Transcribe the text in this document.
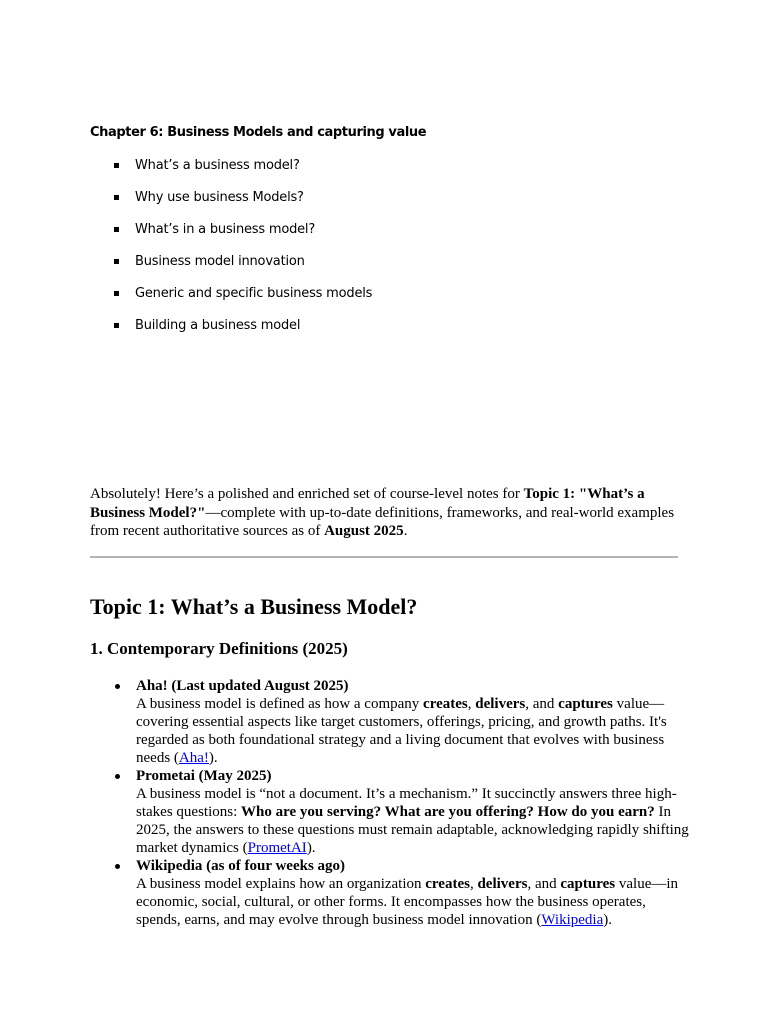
Chapter 6: Business Models and capturing value
What’s a business model?
Why use business Models?
What’s in a business model?
Business model innovation
Generic and specific business models
Building a business model

Absolutely! Here’s a polished and enriched set of course-level notes for Topic 1: "What’s a Business Model?"—complete with up-to-date definitions, frameworks, and real-world examples from recent authoritative sources as of August 2025.

Topic 1: What’s a Business Model?
1. Contemporary Definitions (2025)
Aha! (Last updated August 2025)
A business model is defined as how a company creates, delivers, and captures value—covering essential aspects like target customers, offerings, pricing, and growth paths. It's regarded as both foundational strategy and a living document that evolves with business needs (Aha!).
Prometai (May 2025)
A business model is “not a document. It’s a mechanism.” It succinctly answers three high-stakes questions: Who are you serving? What are you offering? How do you earn? In 2025, the answers to these questions must remain adaptable, acknowledging rapidly shifting market dynamics (PrometAI).
Wikipedia (as of four weeks ago)
A business model explains how an organization creates, delivers, and captures value—in economic, social, cultural, or other forms. It encompasses how the business operates, spends, earns, and may evolve through business model innovation (Wikipedia).
